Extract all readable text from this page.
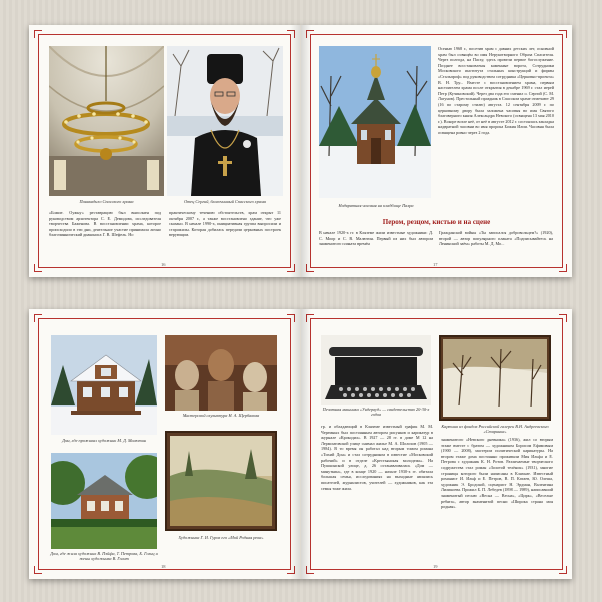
Паникадило Спасского храма	Отец Сергий, благочинный Спасского храма
«Божие. Оужну» реставрацию был выполнен под руководством архитектора С. Е. Демидова, исследователя творчества Баженова. В восстановлении храма, которое происходило в эти дни, деятельное участие принимала лично благочиннический диакониса Г. В. Шефель. Но
практическому течению обстоятельств, храм открыт 11 октября 2007 г., а также восстановлено здание, что уже сказано. В начале 1990-х, инициативная группа выпросили и старожилы. Которая добилась передачи церковных построек верующим.
16
Надвратная часовня на кладбище Пахра
Осенью 1968 г., посетив храм с давних детских лет, основной храм был освящён во имя Нерукотворного Образа Спасителя. Через полгода, на Пасху, здесь провели первое богослужение. Позднее восстановлены каменные ворота, Сотрудники Московского института стальных конструкций и фирмы «Стальпроф» под руководством сотрудника «Церковно-проекта» В. Н. Тру... Вместе с восстановлением храма, первым настоятелем храма после открытия в декабре 1969 г. стал иерей Петр (Кучиновский). Через два года его сменил о. Сергий (С. М. Лагунов). Престольный праздник в Спасском храме отмечают 29 (16 по старому стилю) августа. 12 сентября 2009 г. по церковному двору была заложена часовня во имя Святого благоверного князя Александра Невского (освящена 13 мая 2010 г.). Вскоре возле неё, от неё в августе 2012 г. состоялась закладка надвратной часовни во имя пророка Божия Илии. Часовня была освящена ровно через 2 года.
Пером, резцом, кистью и на сцене
В начале 1920-х гг. в Кляземе жили известные художники: Д. С. Моор и С. В. Малютин. Первый из них был автором знаменитого плаката времён
Гражданской войны «Ты записался добровольцем?» (1920), второй — автор популярного плаката «Подписывайтесь на Ленинский заём» работы М. Д. Мо...
17
Дом, где проживал художник М. Д. Малютин
Дом, где жила художник В. Пэйфа, Т. Петрова, Б. Голиц и жены художника В. Голит
Мастерской скульптура Н. А. Щербакова
Художника Г. И. Гуров его «Мой Родная река»
18
Печатная машинка «Ундервуд» — свидетельство 20-30-х годов
Картина из фондов Российской галереи В.Н. Андреевского «Старинка»
гр. и обладающий в Кляземе известный график М. М. Черемных был постоянным автором рисунков и карикатур в журнале «Крокодил». В 1927 — 28 гг. в доме М 12 на Лермонтовской улице снимал жилье М. А. Шолохов (1905 — 1984). В то время он работал над вторым томом романа «Тихий Дон» и стал сотрудником в известие «Московский рабочий» и в отделе «Крестьянская молодежь». На Пушкинской улице, д. 26 останавливалась «Дом — минуткин», где в конце 1920 — начале 1930-х гг. обитала большая семья, исследованиях на выходные являлись писателей, журналистов, учителей — художников, как эта семья тоже жила.
знаменитого «Невского дневника» (1936), жил со вторым этаже вместе с братом — художником Борисом Ефимовым (1900 — 2008), мастером политической карикатуры. На втором этаже дома постоянно проживали Мия Ильфа и Е. Петрова с художник К. Н. Ротов. Различаемые творческого содружества стал роман «Золотой телёнок» (1931), многие страницы которого были написаны в Клязьме. Известный романист И. Ильф и Е. Петров, В. П. Катаев, Ю. Олеша, художник Э. Бродской, сценарист Н. Эрдман, Валентина Лиликоева. Прожил Б. П. Лебедев (1898 — 1989), написавший знаменитый песню «Весна — Весна», «Цирк», «Веселые ребята», автор знаменитой песни «Широка страна моя родная».
19
